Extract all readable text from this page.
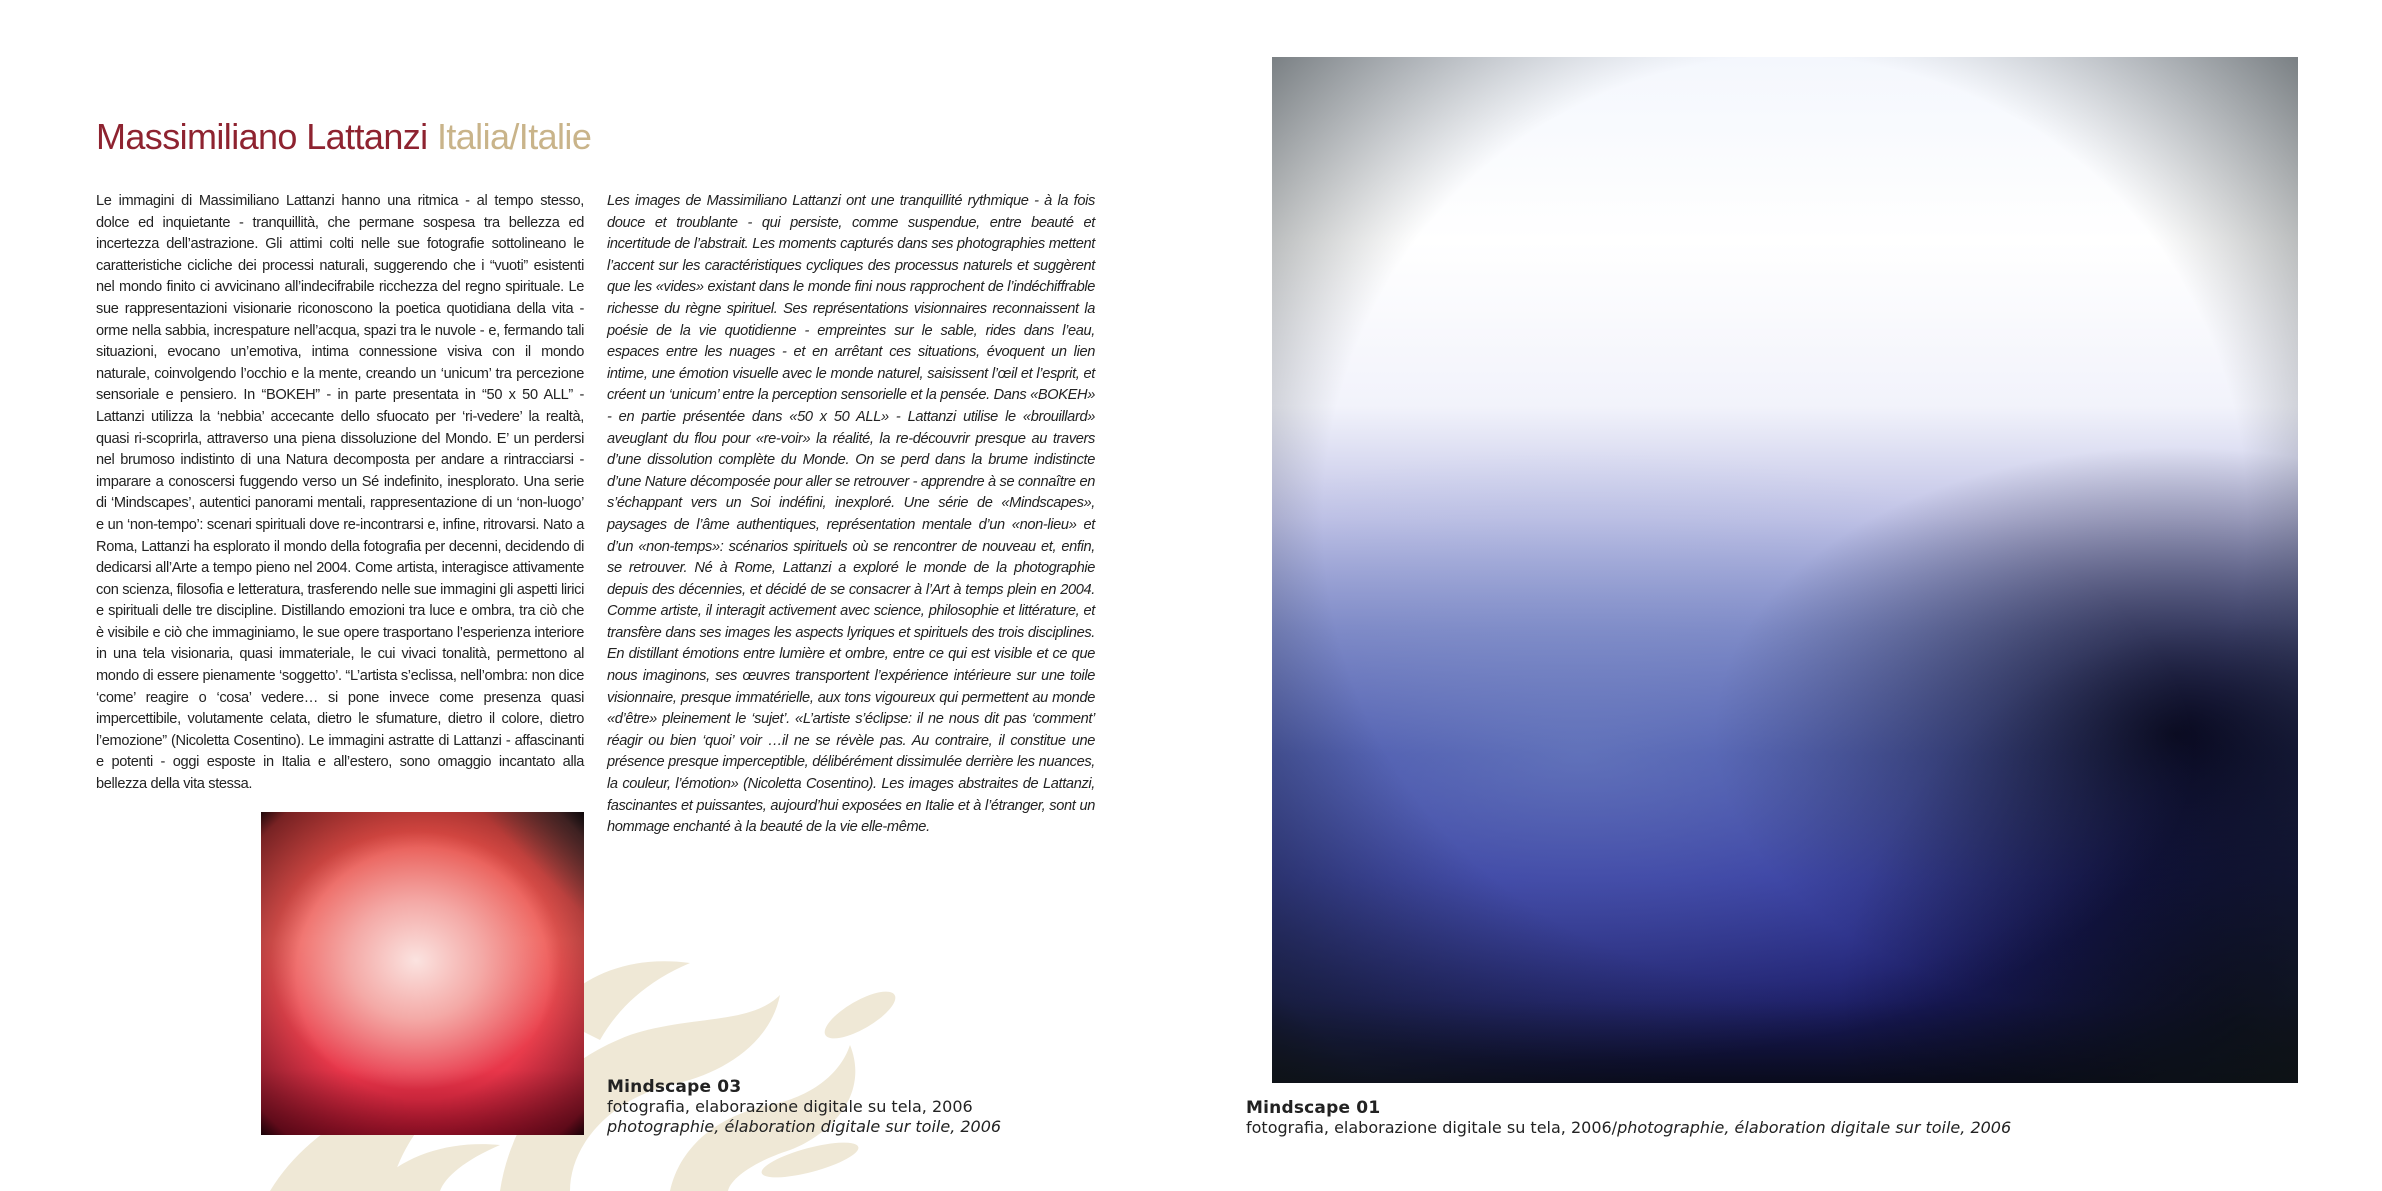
Massimiliano Lattanzi Italia/Italie

Le immagini di Massimiliano Lattanzi hanno una ritmica - al tempo stesso, dolce ed inquietante - tranquillità, che permane sospesa tra bellezza ed incertezza dell’astrazione. Gli attimi colti nelle sue fotografie sottolineano le caratteristiche cicliche dei processi naturali, suggerendo che i “vuoti” esistenti nel mondo finito ci avvicinano all’indecifrabile ricchezza del regno spirituale. Le sue rappresentazioni visionarie riconoscono la poetica quotidiana della vita - orme nella sabbia, increspature nell’acqua, spazi tra le nuvole - e, fermando tali situazioni, evocano un’emotiva, intima connessione visiva con il mondo naturale, coinvolgendo l’occhio e la mente, creando un ‘unicum’ tra percezione sensoriale e pensiero. In “BOKEH” - in parte presentata in “50 x 50 ALL” - Lattanzi utilizza la ‘nebbia’ accecante dello sfuocato per ‘ri-vedere’ la realtà, quasi ri-scoprirla, attraverso una piena dissoluzione del Mondo. E’ un perdersi nel brumoso indistinto di una Natura decomposta per andare a rintracciarsi - imparare a conoscersi fuggendo verso un Sé indefinito, inesplorato. Una serie di ‘Mindscapes’, autentici panorami mentali, rappresentazione di un ‘non-luogo’ e un ‘non-tempo’: scenari spirituali dove re-incontrarsi e, infine, ritrovarsi. Nato a Roma, Lattanzi ha esplorato il mondo della fotografia per decenni, decidendo di dedicarsi all’Arte a tempo pieno nel 2004. Come artista, interagisce attivamente con scienza, filosofia e letteratura, trasferendo nelle sue immagini gli aspetti lirici e spirituali delle tre discipline. Distillando emozioni tra luce e ombra, tra ciò che è visibile e ciò che immaginiamo, le sue opere trasportano l’esperienza interiore in una tela visionaria, quasi immateriale, le cui vivaci tonalità, permettono al mondo di essere pienamente ‘soggetto’. “L’artista s’eclissa, nell’ombra: non dice ‘come’ reagire o ‘cosa’ vedere… si pone invece come presenza quasi impercettibile, volutamente celata, dietro le sfumature, dietro il colore, dietro l’emozione” (Nicoletta Cosentino). Le immagini astratte di Lattanzi - affascinanti e potenti - oggi esposte in Italia e all’estero, sono omaggio incantato alla bellezza della vita stessa.

Les images de Massimiliano Lattanzi ont une tranquillité rythmique - à la fois douce et troublante - qui persiste, comme suspendue, entre beauté et incertitude de l’abstrait. Les moments capturés dans ses photographies mettent l’accent sur les caractéristiques cycliques des processus naturels et suggèrent que les «vides» existant dans le monde fini nous rapprochent de l’indéchiffrable richesse du règne spirituel. Ses représentations visionnaires reconnaissent la poésie de la vie quotidienne - empreintes sur le sable, rides dans l’eau, espaces entre les nuages - et en arrêtant ces situations, évoquent un lien intime, une émotion visuelle avec le monde naturel, saisissent l’œil et l’esprit, et créent un ‘unicum’ entre la perception sensorielle et la pensée. Dans «BOKEH» - en partie présentée dans «50 x 50 ALL» - Lattanzi utilise le «brouillard» aveuglant du flou pour «re-voir» la réalité, la re-découvrir presque au travers d’une dissolution complète du Monde. On se perd dans la brume indistincte d’une Nature décomposée pour aller se retrouver - apprendre à se connaître en s’échappant vers un Soi indéfini, inexploré. Une série de «Mindscapes», paysages de l’âme authentiques, représentation mentale d’un «non-lieu» et d’un «non-temps»: scénarios spirituels où se rencontrer de nouveau et, enfin, se retrouver. Né à Rome, Lattanzi a exploré le monde de la photographie depuis des décennies, et décidé de se consacrer à l’Art à temps plein en 2004. Comme artiste, il interagit activement avec science, philosophie et littérature, et transfère dans ses images les aspects lyriques et spirituels des trois disciplines. En distillant émotions entre lumière et ombre, entre ce qui est visible et ce que nous imaginons, ses œuvres transportent l’expérience intérieure sur une toile visionnaire, presque immatérielle, aux tons vigoureux qui permettent au monde «d’être» pleinement le ‘sujet’. «L’artiste s’éclipse: il ne nous dit pas ‘comment’ réagir ou bien ‘quoi’ voir …il ne se révèle pas. Au contraire, il constitue une présence presque imperceptible, délibérément dissimulée derrière les nuances, la couleur, l’émotion» (Nicoletta Cosentino). Les images abstraites de Lattanzi, fascinantes et puissantes, aujourd’hui exposées en Italie et à l’étranger, sont un hommage enchanté à la beauté de la vie elle-même.

Mindscape 03
fotografia, elaborazione digitale su tela, 2006
photographie, élaboration digitale sur toile, 2006
Mindscape 01
fotografia, elaborazione digitale su tela, 2006/photographie, élaboration digitale sur toile, 2006
